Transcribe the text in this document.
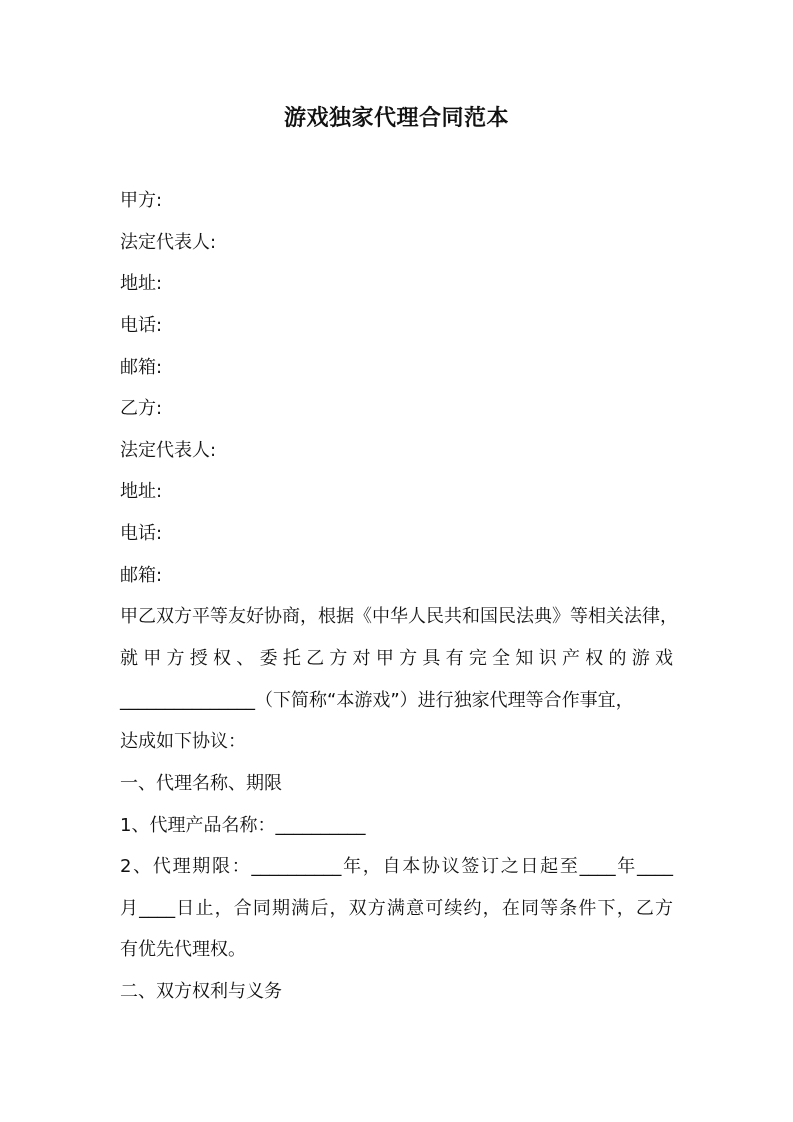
游戏独家代理合同范本
甲方:
法定代表人:
地址:
电话:
邮箱:
乙方:
法定代表人:
地址:
电话:
邮箱:
甲乙双方平等友好协商，根据《中华人民共和国民法典》等相关法律，
就甲方授权、委托乙方对甲方具有完全知识产权的游戏
_______________（下简称“本游戏”）进行独家代理等合作事宜，
达成如下协议：
一、代理名称、期限
1、代理产品名称：__________
2、代理期限：__________年，自本协议签订之日起至____年____
月____日止，合同期满后，双方满意可续约，在同等条件下，乙方
有优先代理权。
二、双方权利与义务
